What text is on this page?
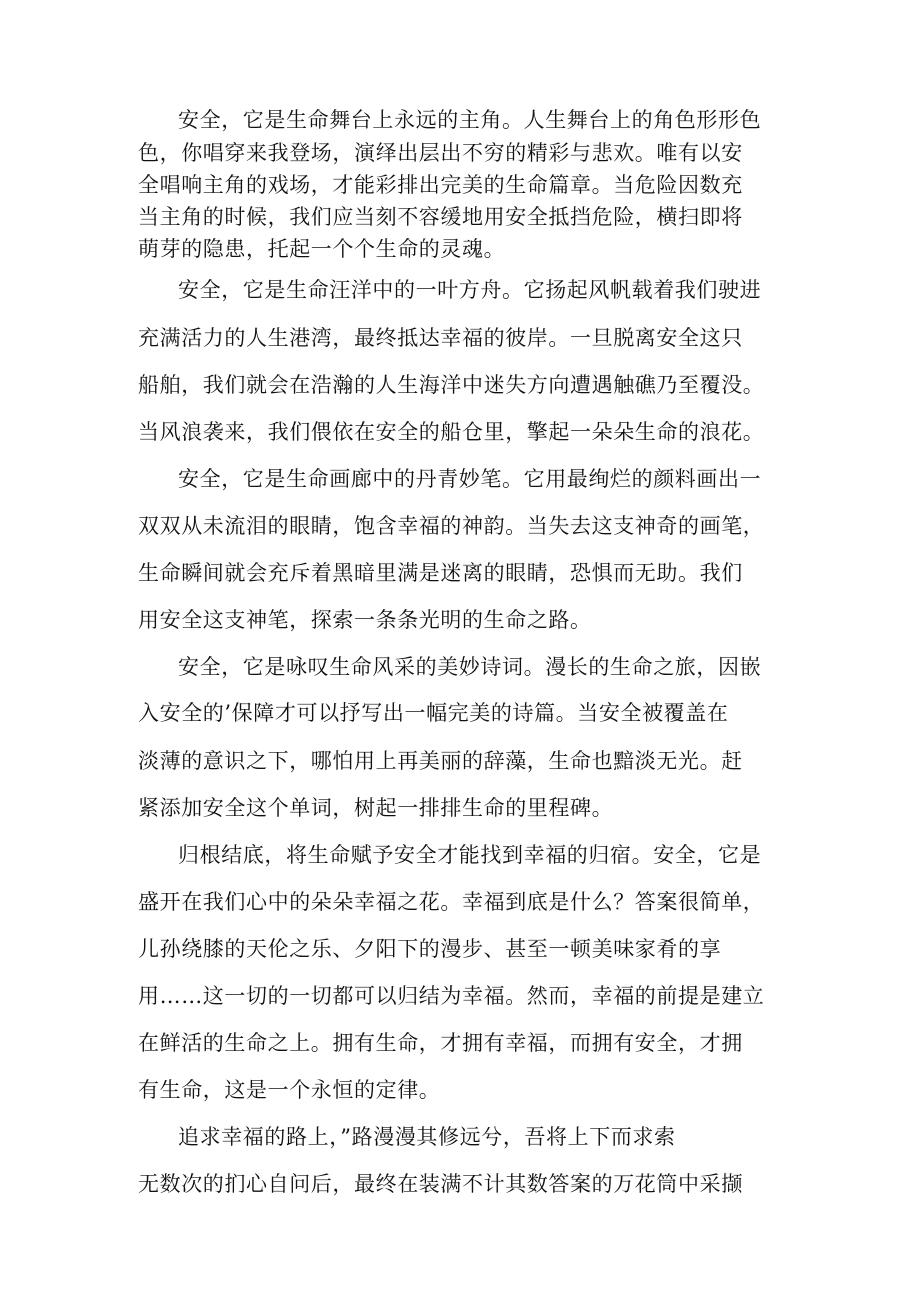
安全，它是生命舞台上永远的主角。人生舞台上的角色形形色
色，你唱穿来我登场，演绎出层出不穷的精彩与悲欢。唯有以安
全唱响主角的戏场，才能彩排出完美的生命篇章。当危险因数充
当主角的时候，我们应当刻不容缓地用安全抵挡危险，横扫即将
萌芽的隐患，托起一个个生命的灵魂。
安全，它是生命汪洋中的一叶方舟。它扬起风帆载着我们驶进
充满活力的人生港湾，最终抵达幸福的彼岸。一旦脱离安全这只
船舶，我们就会在浩瀚的人生海洋中迷失方向遭遇触礁乃至覆没。
当风浪袭来，我们偎依在安全的船仓里，擎起一朵朵生命的浪花。
安全，它是生命画廊中的丹青妙笔。它用最绚烂的颜料画出一
双双从未流泪的眼睛，饱含幸福的神韵。当失去这支神奇的画笔，
生命瞬间就会充斥着黑暗里满是迷离的眼睛，恐惧而无助。我们
用安全这支神笔，探索一条条光明的生命之路。
安全，它是咏叹生命风采的美妙诗词。漫长的生命之旅，因嵌
入安全的’保障才可以抒写出一幅完美的诗篇。当安全被覆盖在
淡薄的意识之下，哪怕用上再美丽的辞藻，生命也黯淡无光。赶
紧添加安全这个单词，树起一排排生命的里程碑。
归根结底，将生命赋予安全才能找到幸福的归宿。安全，它是
盛开在我们心中的朵朵幸福之花。幸福到底是什么？答案很简单，
儿孙绕膝的天伦之乐、夕阳下的漫步、甚至一顿美味家肴的享
用……这一切的一切都可以归结为幸福。然而，幸福的前提是建立
在鲜活的生命之上。拥有生命，才拥有幸福，而拥有安全，才拥
有生命，这是一个永恒的定律。
追求幸福的路上，”路漫漫其修远兮，吾将上下而求索
无数次的扪心自问后，最终在装满不计其数答案的万花筒中采撷
